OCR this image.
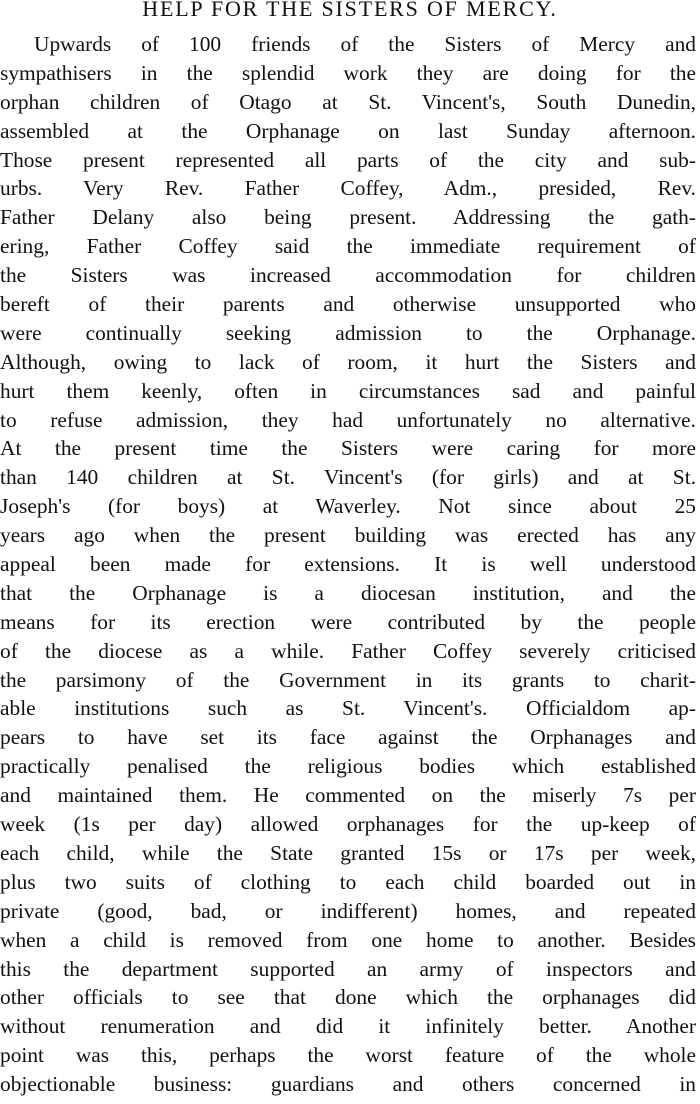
HELP FOR THE SISTERS OF MERCY.
Upwards of 100 friends of the Sisters of Mercy and
sympathisers in the splendid work they are doing for the
orphan children of Otago at St. Vincent's, South Dunedin,
assembled at the Orphanage on last Sunday afternoon.
Those present represented all parts of the city and sub-
urbs. Very Rev. Father Coffey, Adm., presided, Rev.
Father Delany also being present. Addressing the gath-
ering, Father Coffey said the immediate requirement of
the Sisters was increased accommodation for children
bereft of their parents and otherwise unsupported who
were continually seeking admission to the Orphanage.
Although, owing to lack of room, it hurt the Sisters and
hurt them keenly, often in circumstances sad and painful
to refuse admission, they had unfortunately no alternative.
At the present time the Sisters were caring for more
than 140 children at St. Vincent's (for girls) and at St.
Joseph's (for boys) at Waverley. Not since about 25
years ago when the present building was erected has any
appeal been made for extensions. It is well understood
that the Orphanage is a diocesan institution, and the
means for its erection were contributed by the people
of the diocese as a while. Father Coffey severely criticised
the parsimony of the Government in its grants to charit-
able institutions such as St. Vincent's. Officialdom ap-
pears to have set its face against the Orphanages and
practically penalised the religious bodies which established
and maintained them. He commented on the miserly 7s per
week (1s per day) allowed orphanages for the up-keep of
each child, while the State granted 15s or 17s per week,
plus two suits of clothing to each child boarded out in
private (good, bad, or indifferent) homes, and repeated
when a child is removed from one home to another. Besides
this the department supported an army of inspectors and
other officials to see that done which the orphanages did
without renumeration and did it infinitely better. Another
point was this, perhaps the worst feature of the whole
objectionable business: guardians and others concerned in
